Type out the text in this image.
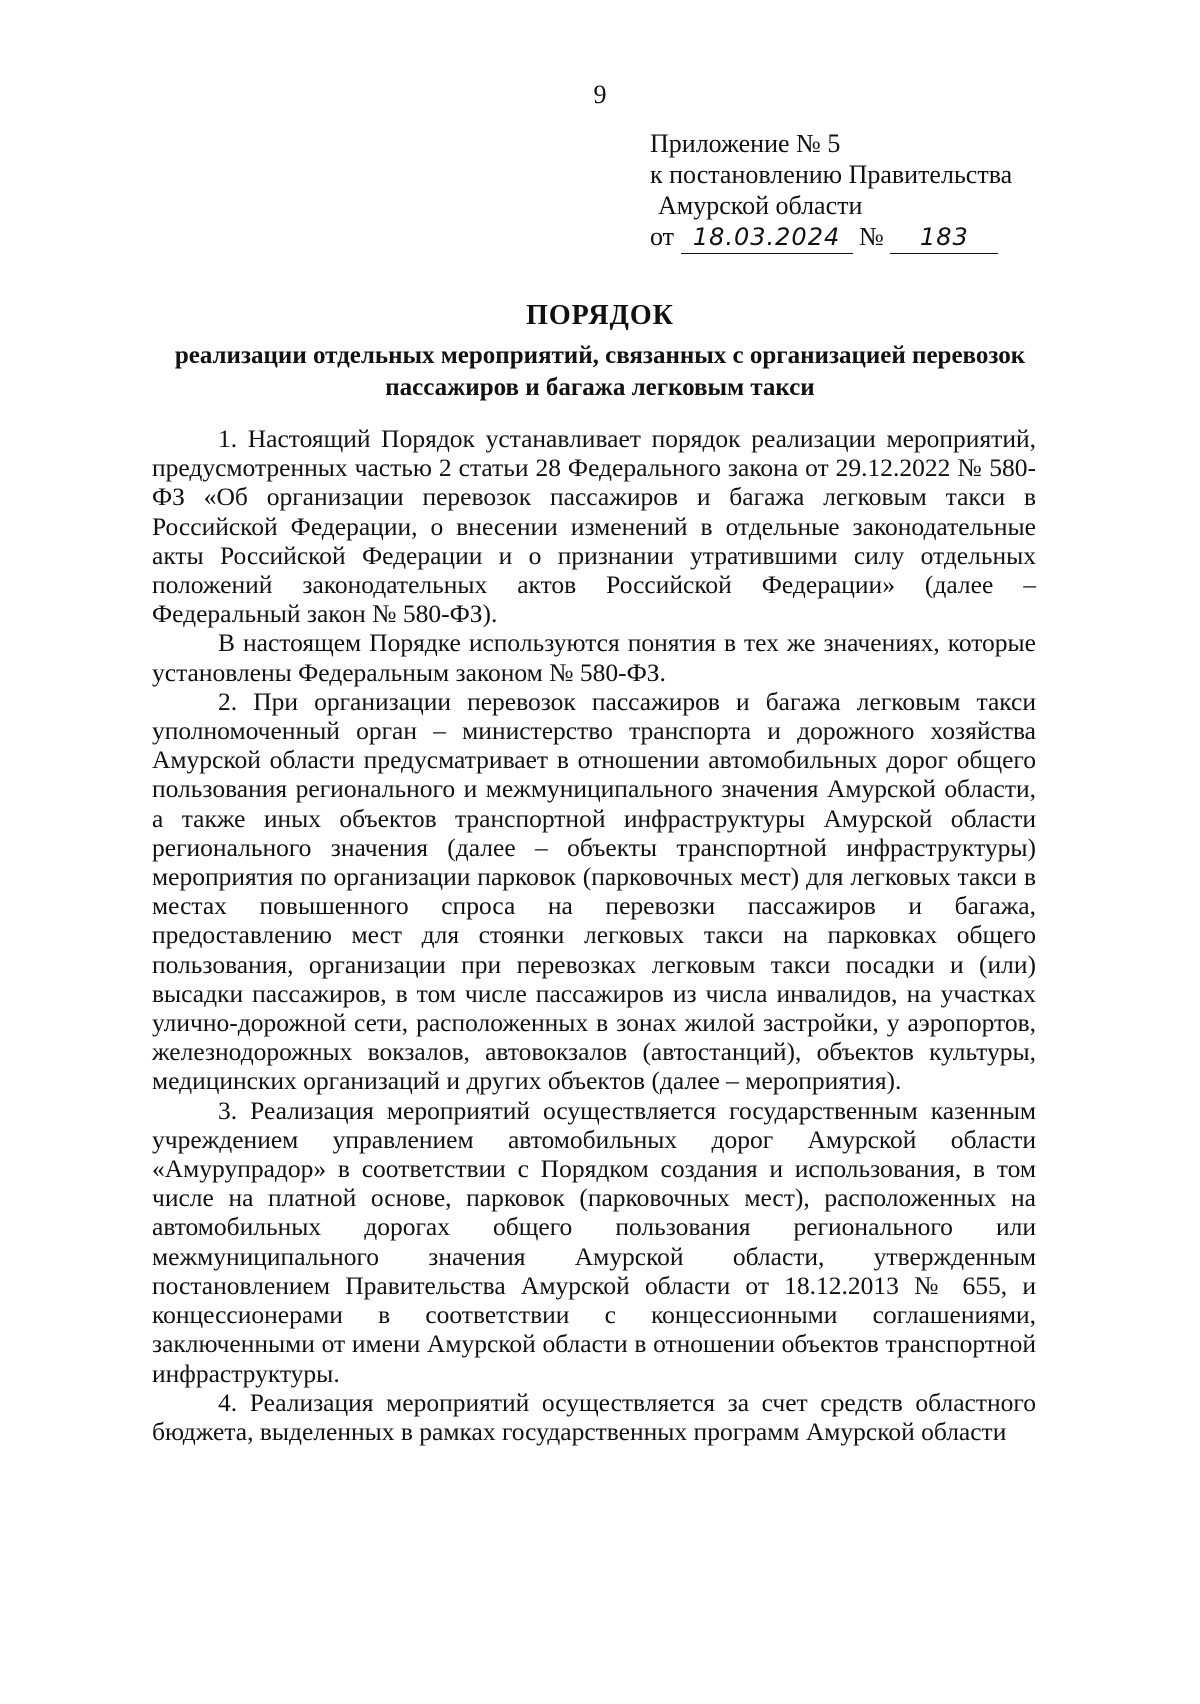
9
Приложение № 5
к постановлению Правительства
Амурской области
от 18.03.2024 № 183
ПОРЯДОК
реализации отдельных мероприятий, связанных с организацией перевозок пассажиров и багажа легковым такси

1. Настоящий Порядок устанавливает порядок реализации мероприятий, предусмотренных частью 2 статьи 28 Федерального закона от 29.12.2022 № 580-ФЗ «Об организации перевозок пассажиров и багажа легковым такси в Российской Федерации, о внесении изменений в отдельные законодательные акты Российской Федерации и о признании утратившими силу отдельных положений законодательных актов Российской Федерации» (далее – Федеральный закон № 580-ФЗ).

В настоящем Порядке используются понятия в тех же значениях, которые установлены Федеральным законом № 580-ФЗ.

2. При организации перевозок пассажиров и багажа легковым такси уполномоченный орган – министерство транспорта и дорожного хозяйства Амурской области предусматривает в отношении автомобильных дорог общего пользования регионального и межмуниципального значения Амурской области, а также иных объектов транспортной инфраструктуры Амурской области регионального значения (далее – объекты транспортной инфраструктуры) мероприятия по организации парковок (парковочных мест) для легковых такси в местах повышенного спроса на перевозки пассажиров и багажа, предоставлению мест для стоянки легковых такси на парковках общего пользования, организации при перевозках легковым такси посадки и (или) высадки пассажиров, в том числе пассажиров из числа инвалидов, на участках улично-дорожной сети, расположенных в зонах жилой застройки, у аэропортов, железнодорожных вокзалов, автовокзалов (автостанций), объектов культуры, медицинских организаций и других объектов (далее – мероприятия).

3. Реализация мероприятий осуществляется государственным казенным учреждением управлением автомобильных дорог Амурской области «Амурупрадор» в соответствии с Порядком создания и использования, в том числе на платной основе, парковок (парковочных мест), расположенных на автомобильных дорогах общего пользования регионального или межмуниципального значения Амурской области, утвержденным постановлением Правительства Амурской области от 18.12.2013 № 655, и концессионерами в соответствии с концессионными соглашениями, заключенными от имени Амурской области в отношении объектов транспортной инфраструктуры.

4. Реализация мероприятий осуществляется за счет средств областного бюджета, выделенных в рамках государственных программ Амурской области
